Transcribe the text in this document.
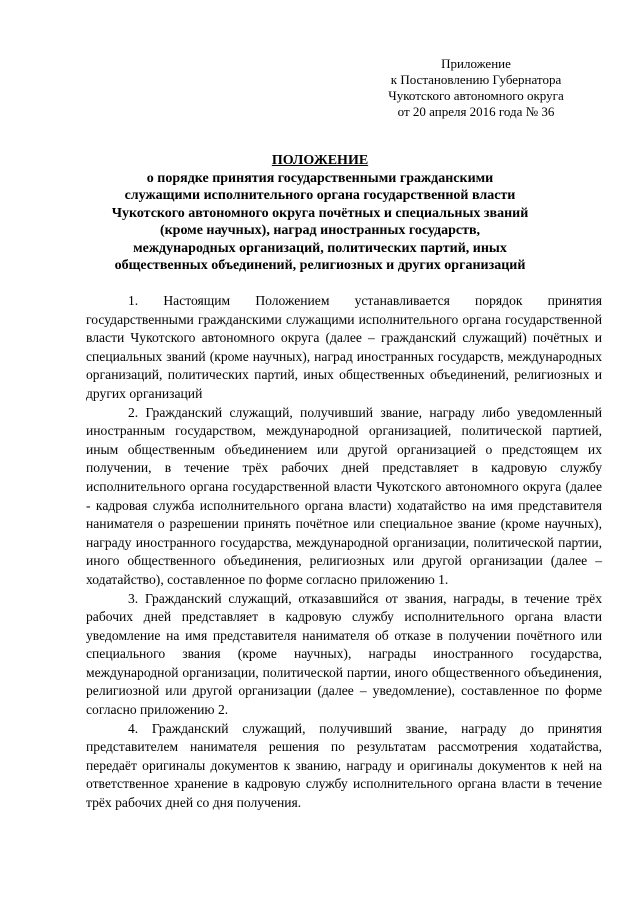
Приложение
к Постановлению Губернатора
Чукотского автономного округа
от 20 апреля 2016 года № 36
ПОЛОЖЕНИЕ
о порядке принятия государственными гражданскими служащими исполнительного органа государственной власти Чукотского автономного округа почётных и специальных званий (кроме научных), наград иностранных государств, международных организаций, политических партий, иных общественных объединений, религиозных и других организаций

1. Настоящим Положением устанавливается порядок принятия государственными гражданскими служащими исполнительного органа государственной власти Чукотского автономного округа (далее – гражданский служащий) почётных и специальных званий (кроме научных), наград иностранных государств, международных организаций, политических партий, иных общественных объединений, религиозных и других организаций

2. Гражданский служащий, получивший звание, награду либо уведомленный иностранным государством, международной организацией, политической партией, иным общественным объединением или другой организацией о предстоящем их получении, в течение трёх рабочих дней представляет в кадровую службу исполнительного органа государственной власти Чукотского автономного округа (далее - кадровая служба исполнительного органа власти) ходатайство на имя представителя нанимателя о разрешении принять почётное или специальное звание (кроме научных), награду иностранного государства, международной организации, политической партии, иного общественного объединения, религиозных или другой организации (далее – ходатайство), составленное по форме согласно приложению 1.

3. Гражданский служащий, отказавшийся от звания, награды, в течение трёх рабочих дней представляет в кадровую службу исполнительного органа власти уведомление на имя представителя нанимателя об отказе в получении почётного или специального звания (кроме научных), награды иностранного государства, международной организации, политической партии, иного общественного объединения, религиозной или другой организации (далее – уведомление), составленное по форме согласно приложению 2.

4. Гражданский служащий, получивший звание, награду до принятия представителем нанимателя решения по результатам рассмотрения ходатайства, передаёт оригиналы документов к званию, награду и оригиналы документов к ней на ответственное хранение в кадровую службу исполнительного органа власти в течение трёх рабочих дней со дня получения.
